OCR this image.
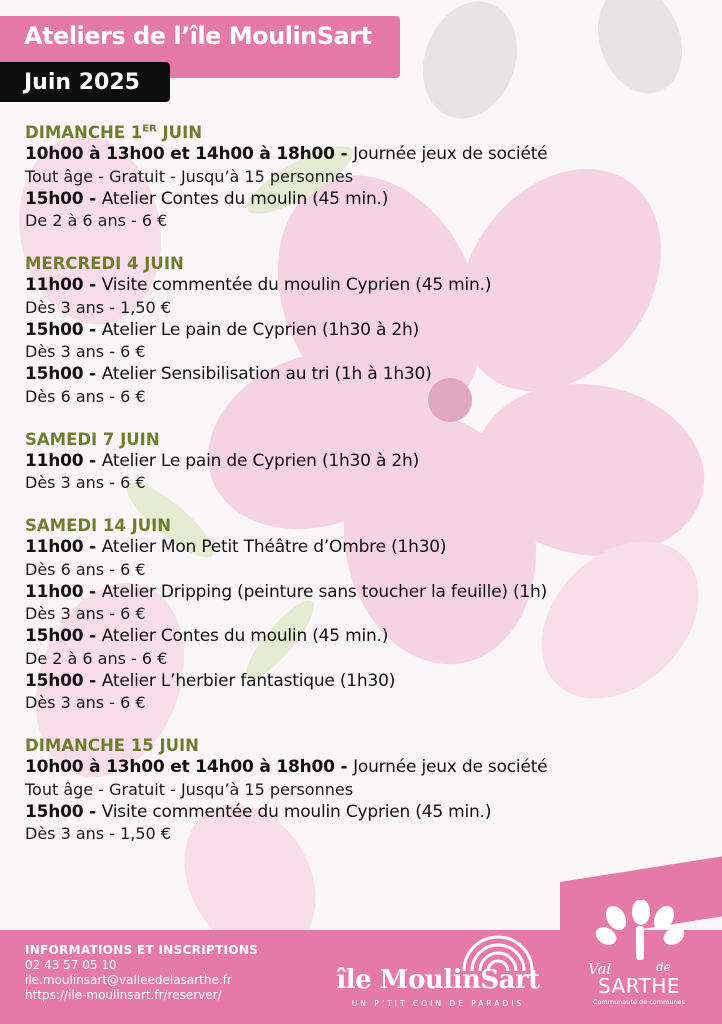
Ateliers de l’île MoulinSart
Juin 2025
DIMANCHE 1ER JUIN
10h00 à 13h00 et 14h00 à 18h00 - Journée jeux de société
Tout âge - Gratuit - Jusqu’à 15 personnes
15h00 - Atelier Contes du moulin (45 min.)
De 2 à 6 ans - 6 €
MERCREDI 4 JUIN
11h00 - Visite commentée du moulin Cyprien (45 min.)
Dès 3 ans - 1,50 €
15h00 - Atelier Le pain de Cyprien (1h30 à 2h)
Dès 3 ans - 6 €
15h00 - Atelier Sensibilisation au tri (1h à 1h30)
Dès 6 ans - 6 €
SAMEDI 7 JUIN
11h00 - Atelier Le pain de Cyprien (1h30 à 2h)
Dès 3 ans - 6 €
SAMEDI 14 JUIN
11h00 - Atelier Mon Petit Théâtre d’Ombre (1h30)
Dès 6 ans - 6 €
11h00 - Atelier Dripping (peinture sans toucher la feuille) (1h)
Dès 3 ans - 6 €
15h00 - Atelier Contes du moulin (45 min.)
De 2 à 6 ans - 6 €
15h00 - Atelier L’herbier fantastique (1h30)
Dès 3 ans - 6 €
DIMANCHE 15 JUIN
10h00 à 13h00 et 14h00 à 18h00 - Journée jeux de société
Tout âge - Gratuit - Jusqu’à 15 personnes
15h00 - Visite commentée du moulin Cyprien (45 min.)
Dès 3 ans - 1,50 €
INFORMATIONS ET INSCRIPTIONS
02 43 57 05 10
ile.moulinsart@valleedelasarthe.fr
https://ile-moulinsart.fr/reserver/	île MoulinSart
UN P’TIT COIN DE PARADIS
Val	de
SARTHE
Communauté de communes
